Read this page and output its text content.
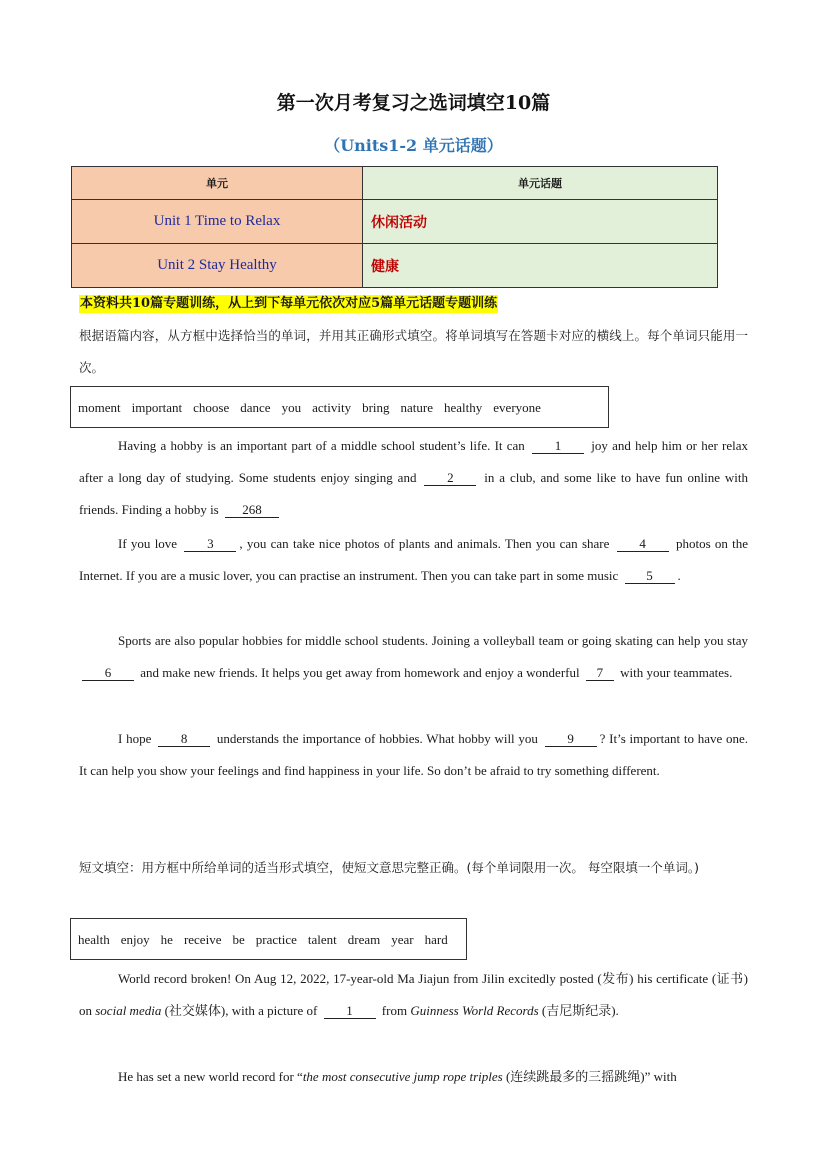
第一次月考复习之选词填空10篇
（Units1-2 单元话题）
单元	单元话题
Unit 1 Time to Relax	休闲活动
Unit 2 Stay Healthy	健康
本资料共10篇专题训练，从上到下每单元依次对应5篇单元话题专题训练
根据语篇内容，从方框中选择恰当的单词，并用其正确形式填空。将单词填写在答题卡对应的横线上。每个单词只能用一次。
moment important choose dance you activity bring nature healthy everyone
Having a hobby is an important part of a middle school student’s life. It can 1 joy and help him or her relax after a long day of studying. Some students enjoy singing and 2 in a club, and some like to have fun online with friends. Finding a hobby is 268
If you love 3 , you can take nice photos of plants and animals. Then you can share 4 photos on the Internet. If you are a music lover, you can practise an instrument. Then you can take part in some music 5 .
Sports are also popular hobbies for middle school students. Joining a volleyball team or going skating can help you stay 6 and make new friends. It helps you get away from homework and enjoy a wonderful 7 with your teammates.
I hope 8 understands the importance of hobbies. What hobby will you 9 ? It’s important to have one. It can help you show your feelings and find happiness in your life. So don’t be afraid to try something different.
短文填空：用方框中所给单词的适当形式填空，使短文意思完整正确。(每个单词限用一次。 每空限填一个单词。)
health enjoy he receive be practice talent dream year hard
World record broken! On Aug 12, 2022, 17-year-old Ma Jiajun from Jilin excitedly posted (发布) his certificate (证书) on social media (社交媒体), with a picture of 1 from Guinness World Records (吉尼斯纪录).
He has set a new world record for “the most consecutive jump rope triples (连续跳最多的三摇跳绳)” with
